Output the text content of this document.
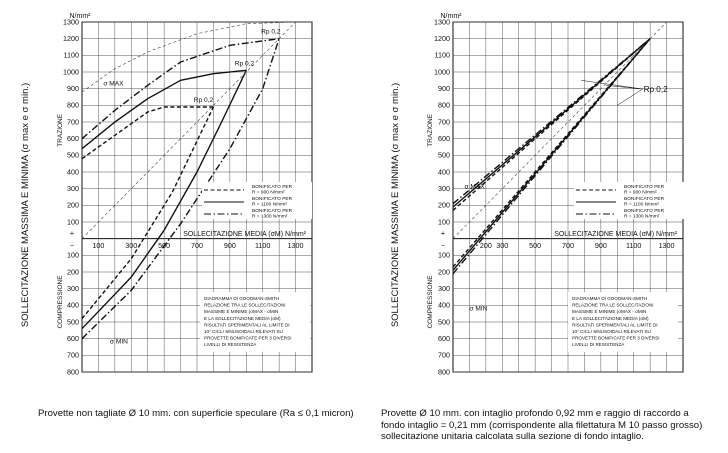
1300
1200
1100
1000
900
800
700
600
500
400
300
200
100
100
200
300
400
500
600
700
800
+
−
N/mm²
100	300	500	700	900	1100 1300
SOLLECITAZIONE MEDIA (σM) N/mm²
SOLLECITAZIONE MASSIMA E MINIMA (σ max e σ min.)	TRAZIONE
COMPRESSIONE
σ MAX
σ MIN
Rp 0,2
Rp 0,2
Rp 0,2
BONIFICATO PER
R = 900 N/mm²
BONIFICATO PER
R = 1100 N/mm²
BONIFICATO PER
R = 1300 N/mm²
DIAGRAMMA DI GOODMAN-SMITH
RELAZIONE TRA LE SOLLECITAZIONI
MASSIME E MINIME (σMAX - σMIN
E LA SOLLECITAZIONE MEDIA (σM)
RISULTATI SPERIMENTALI AL LIMITE DI
10⁷ CICLI SINUSOIDALI RILEVATI SU
PROVETTE BONIFICATE PER 3 DIVERSI
LIVELLI DI RESISTENZA
1300
1200
1100
1000
900
800
700
600
500
400
300
200
100
100
200
300
400
500
600
700
800
+
−
N/mm²
200 300	500	700	900	1100 1300
SOLLECITAZIONE MEDIA (σM) N/mm²
SOLLECITAZIONE MASSIMA E MINIMA (σ max e σ min.)	TRAZIONE
COMPRESSIONE
σ MAX
σ MIN
Rp 0,2
BONIFICATO PER
R = 900 N/mm²
BONIFICATO PER
R = 1100 N/mm²
BONIFICATO PER
R = 1300 N/mm²
DIAGRAMMA DI GOODMAN-SMITH
RELAZIONE TRA LE SOLLECITAZIONI
MASSIME E MINIME (σMAX - σMIN
E LA SOLLECITAZIONE MEDIA (σM)
RISULTATI SPERIMENTALI AL LIMITE DI
10⁷ CICLI SINUSOIDALI RILEVATI SU
PROVETTE BONIFICATE PER 3 DIVERSI
LIVELLI DI RESISTENZA
Provette non tagliate Ø 10 mm. con superficie speculare (Ra ≤ 0,1 micron)	Provette Ø 10 mm. con intaglio profondo 0,92 mm e raggio di raccordo a
fondo intaglio = 0,21 mm (corrispondente alla filettatura M 10 passo grosso)
sollecitazione unitaria calcolata sulla sezione di fondo intaglio.
